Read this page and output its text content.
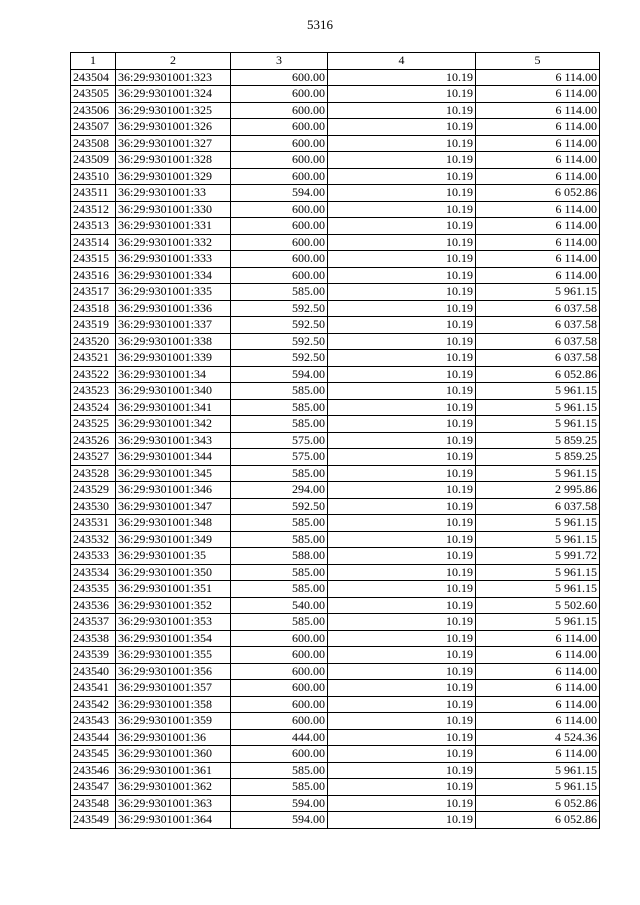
5316
1	2	3	4	5
243504	36:29:9301001:323	600.00	10.19	6 114.00
243505	36:29:9301001:324	600.00	10.19	6 114.00
243506	36:29:9301001:325	600.00	10.19	6 114.00
243507	36:29:9301001:326	600.00	10.19	6 114.00
243508	36:29:9301001:327	600.00	10.19	6 114.00
243509	36:29:9301001:328	600.00	10.19	6 114.00
243510	36:29:9301001:329	600.00	10.19	6 114.00
243511	36:29:9301001:33	594.00	10.19	6 052.86
243512	36:29:9301001:330	600.00	10.19	6 114.00
243513	36:29:9301001:331	600.00	10.19	6 114.00
243514	36:29:9301001:332	600.00	10.19	6 114.00
243515	36:29:9301001:333	600.00	10.19	6 114.00
243516	36:29:9301001:334	600.00	10.19	6 114.00
243517	36:29:9301001:335	585.00	10.19	5 961.15
243518	36:29:9301001:336	592.50	10.19	6 037.58
243519	36:29:9301001:337	592.50	10.19	6 037.58
243520	36:29:9301001:338	592.50	10.19	6 037.58
243521	36:29:9301001:339	592.50	10.19	6 037.58
243522	36:29:9301001:34	594.00	10.19	6 052.86
243523	36:29:9301001:340	585.00	10.19	5 961.15
243524	36:29:9301001:341	585.00	10.19	5 961.15
243525	36:29:9301001:342	585.00	10.19	5 961.15
243526	36:29:9301001:343	575.00	10.19	5 859.25
243527	36:29:9301001:344	575.00	10.19	5 859.25
243528	36:29:9301001:345	585.00	10.19	5 961.15
243529	36:29:9301001:346	294.00	10.19	2 995.86
243530	36:29:9301001:347	592.50	10.19	6 037.58
243531	36:29:9301001:348	585.00	10.19	5 961.15
243532	36:29:9301001:349	585.00	10.19	5 961.15
243533	36:29:9301001:35	588.00	10.19	5 991.72
243534	36:29:9301001:350	585.00	10.19	5 961.15
243535	36:29:9301001:351	585.00	10.19	5 961.15
243536	36:29:9301001:352	540.00	10.19	5 502.60
243537	36:29:9301001:353	585.00	10.19	5 961.15
243538	36:29:9301001:354	600.00	10.19	6 114.00
243539	36:29:9301001:355	600.00	10.19	6 114.00
243540	36:29:9301001:356	600.00	10.19	6 114.00
243541	36:29:9301001:357	600.00	10.19	6 114.00
243542	36:29:9301001:358	600.00	10.19	6 114.00
243543	36:29:9301001:359	600.00	10.19	6 114.00
243544	36:29:9301001:36	444.00	10.19	4 524.36
243545	36:29:9301001:360	600.00	10.19	6 114.00
243546	36:29:9301001:361	585.00	10.19	5 961.15
243547	36:29:9301001:362	585.00	10.19	5 961.15
243548	36:29:9301001:363	594.00	10.19	6 052.86
243549	36:29:9301001:364	594.00	10.19	6 052.86
